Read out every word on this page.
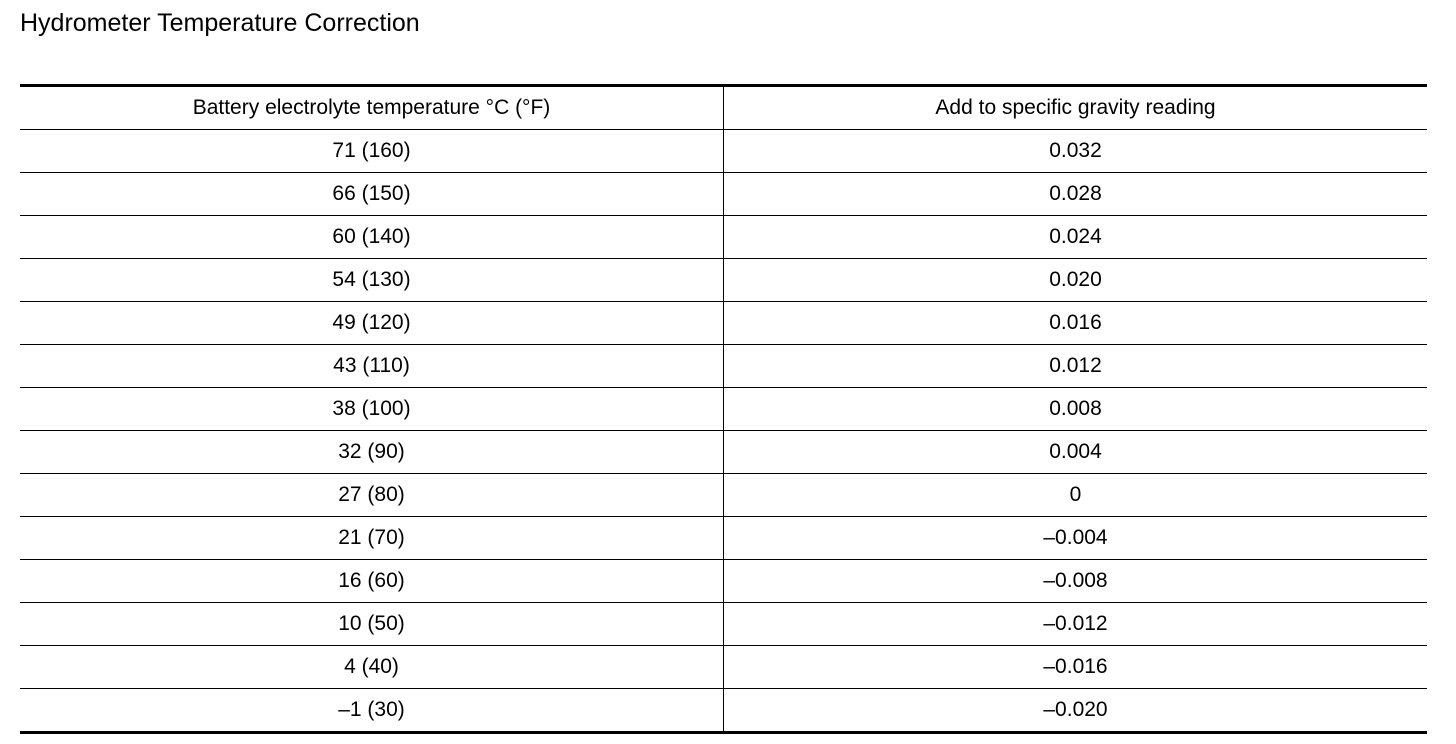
Hydrometer Temperature Correction
Battery electrolyte temperature °C (°F)	Add to specific gravity reading
71 (160)	0.032
66 (150)	0.028
60 (140)	0.024
54 (130)	0.020
49 (120)	0.016
43 (110)	0.012
38 (100)	0.008
32 (90)	0.004
27 (80)	0
21 (70)	–0.004
16 (60)	–0.008
10 (50)	–0.012
4 (40)	–0.016
–1 (30)	–0.020
